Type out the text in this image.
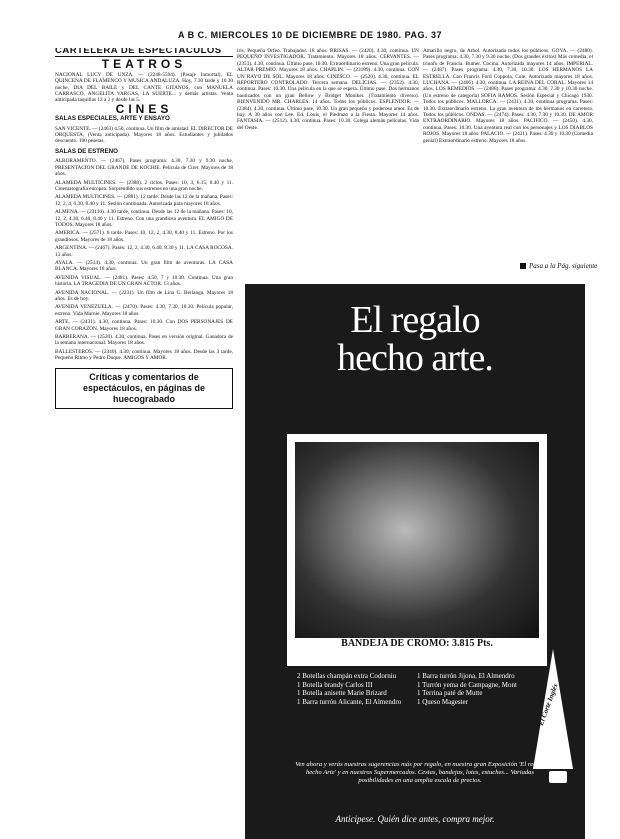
A B C. MIERCOLES 10 DE DICIEMBRE DE 1980. PAG. 37
CARTELERA DE ESPECTACULOS
TEATROS
NACIONAL LUCY DE UNZA. — (2248-5594). (Pasaje Inmortal), EL QUINCENA DE FLAMENCO Y MUSICA ANDALUZA. Hoy, 7.30 tarde y 10.30 noche, DIA DEL BAILE y DEL CANTE GITANOS, con MANUELA CARRASCO, ANGELITA VARGAS, LA SUERTE... y demás artistas. Venta anticipada taquillas 12 a 2 y desde las 5.
CINES
SALAS ESPECIALES, ARTE Y ENSAYO
SAN VICENTE. — (2463) 4.50, continua. Un film de amistad. EL DIRECTOR DE ORQUESTA, (Venta anticipada). Mayores 18 años. Estudiantes y jubilados descuento. 100 pesetas.
SALAS DE ESTRENO
ALBORAMENTO. — (2467). Pases programa: 4.30, 7.30 y 9.30 noche, PRESENTACION DEL GRANDE DE KOCHIE. Película de Cirer. Mayores de 18 años.
ALAMEDA MULTICINES. — (2388). 2 ciclos. Pases: 10, 3, 6.15, 8.40 y 11. Cinematografía europea. Sorprendido sus estrenos en una gran noche.
ALAMEDA MULTICINES. — (2881). 12 tarde. Desde las 12 de la mañana. Pases: 12, 2, 4, 6.30, 8.40 y 11. Sesión continuada. Autorizada para mayores 18 años.
ALMENA. — (23116). 4.30 tarde, continua. Desde las 12 de la mañana. Pases: 10, 12, 2, 4.30, 6.40, 8.40 y 11. Estreno. Con una grandiosa aventura. EL AMIGO DE TODOS. Mayores 18 años.
AMERICA. — (2571). 6 tarde. Pases: 10, 12, 2, 4.30, 8.40 y 11. Estreno. Por los grandiosos. Mayores de 18 años.
ARGENTINA. — (2467). Pases: 12, 2, 4.30, 6.40, 8.30 y 11. LA CASA ROCOSA. 13 años.
AYALA. — (2514). 4.30, continua. Un gran film de aventuras. LA CASA BLANCA. Mayores 18 años.
AVENIDA VISUAL. — (2481). Pases: 4.50, 7 y 10.30. Continua. Una gran historia. LA TRAGEDIA DE UN GRAN ACTOR. 13 años.
AVENIDA NACIONAL. — (2231). Un film de Lina G. Berlanga. Mayores 18 años. Es de hoy.
AVENIDA VENEZUELA. — (2470). Pases: 4.30, 7.30, 10.30. Película popular, estreno. Vida Marnie. Mayores 18 años.
ARTE. — (2431). 4.30, continua. Pases: 10.30. Con DOS PERSONAJES DE GRAN CORAZON. Mayores 18 años.
BARBERANA. — (2520). 4.30, continua. Pases en versión original. Ganadora de la semana internacional. Mayores 18 años.
BALLESTEROS. — (2340). 4.30, continua. Mayores 18 años. Desde las 3 tarde, Pequeño Ritmo y Pedro Duque. AMIGOS Y AMOR.
Críticas y comentarios de espectáculos, en páginas de huecograbado
iris, Pequeña Orfeo. Trabajador. 18 años. BRISAS. — (2420). 4.30, continua. UN PEQUEÑO INVESTIGADOR. Tratamiento. Mayores 18 años. CERVANTES. — (2351). 4.30, continua. Último pase, 10.30. Extraordinario estreno. Una gran película. ALTAR PREMIO. Mayores 18 años. CHAPLIN. — (23189). 4.30, continua. CON UN RAYO DE SOL. Mayores 18 años. CINESCO. — (2520). 4.30, continua. EL REPORTERO CONTROLADO. Tercera semana. DELICIAS. — (2352). 4.30, continua. Pases: 10.30. Una película en la que se espera. Último pase. Dos hermanos bautizados con un gran Bellow y Bridget Moniker. (Tratamiento diverso). BIENVENIDO MR. CHARLES. 14 años. Todos los públicos. ESPLENDOR. — (2384). 4.30, continua. Último pase, 10.30. Un gran pequeño y poderoso amor. Es de hoy. A 30 años con Lee. Ed. Louis, el Piedrazo a la Fiesta. Mayores 14 años. FANTASIA. — (2512). 4.30, continua. Pases: 10.30. Colega alemán películas. Vida del Oeste.
Amarillo negro, de Arbol. Autorizada todos los públicos. GOYA. — (2480). Pases programa: 4.30, 7.30 y 9.30 noche. (Dos grandes éxitos) Más comedia, el triunfo de Francia. Bumer. Cocina. Autorizada mayores 14 años. IMPERIAL. — (2487). Pases programa: 4.30, 7.30, 10.30. LOS HERMANOS LA ESTRELLA. Con Francis Ford Coppola, Cole. Autorizado mayores 18 años. LUCHANA. — (2406). 4.30, continua. LA REINA DEL CORAL. Mayores 14 años. LOS REMEDIOS. — (2488). Pases programa: 4.30, 7.30 y 10.30 noche. (Un estreno de categoría) SOFIA RAMOS. Sesión Especial y Chicago 1930. Todos los públicos. MALLORCA. — (2431). 4.30, continua programa. Pases: 10.30. Extraordinario estreno. La gran aventura de los hermanos en carretera. Todos los públicos. ONDAS. — (2474). Pases: 4.30, 7.30 y 10.30. DE AMOR EXTRAORDINARIO. Mayores 18 años. PACIFICO. — (2450). 4.30, continua. Pases: 10.30. Una aventura real con los personajes y LOS DIABLOS ROJOS. Mayores 18 años. PALACIO. — (2431). Pases: 4.30 y 10.30 (Comedia genial) Extraordinario estreno. Mayores 18 años.
Pasa a la Pág. siguiente
El regalo
hecho arte.
BANDEJA DE CROMO: 3.815 Pts.
El Corte Inglés
2 Botellas champán extra Codorniu
1 Botella brandy Carlos III
1 Botella anisette Marie Brizard
1 Barra turrón Alicante, El Almendro
1 Barra turrón Jijona, El Almendro
1 Turrón yema de Campagne, Mont
1 Terrina paté de Mutte
1 Queso Magester
Ven ahora y verás nuestras sugerencias más por regalo, en nuestra gran Exposición 'El regalo hecho Arte' y en nuestros Supermercados. Cestas, bandejas, lotes, estuches... Variadas posibilidades en una amplia escala de precios.
Anticipese. Quién dice antes, compra mejor.
